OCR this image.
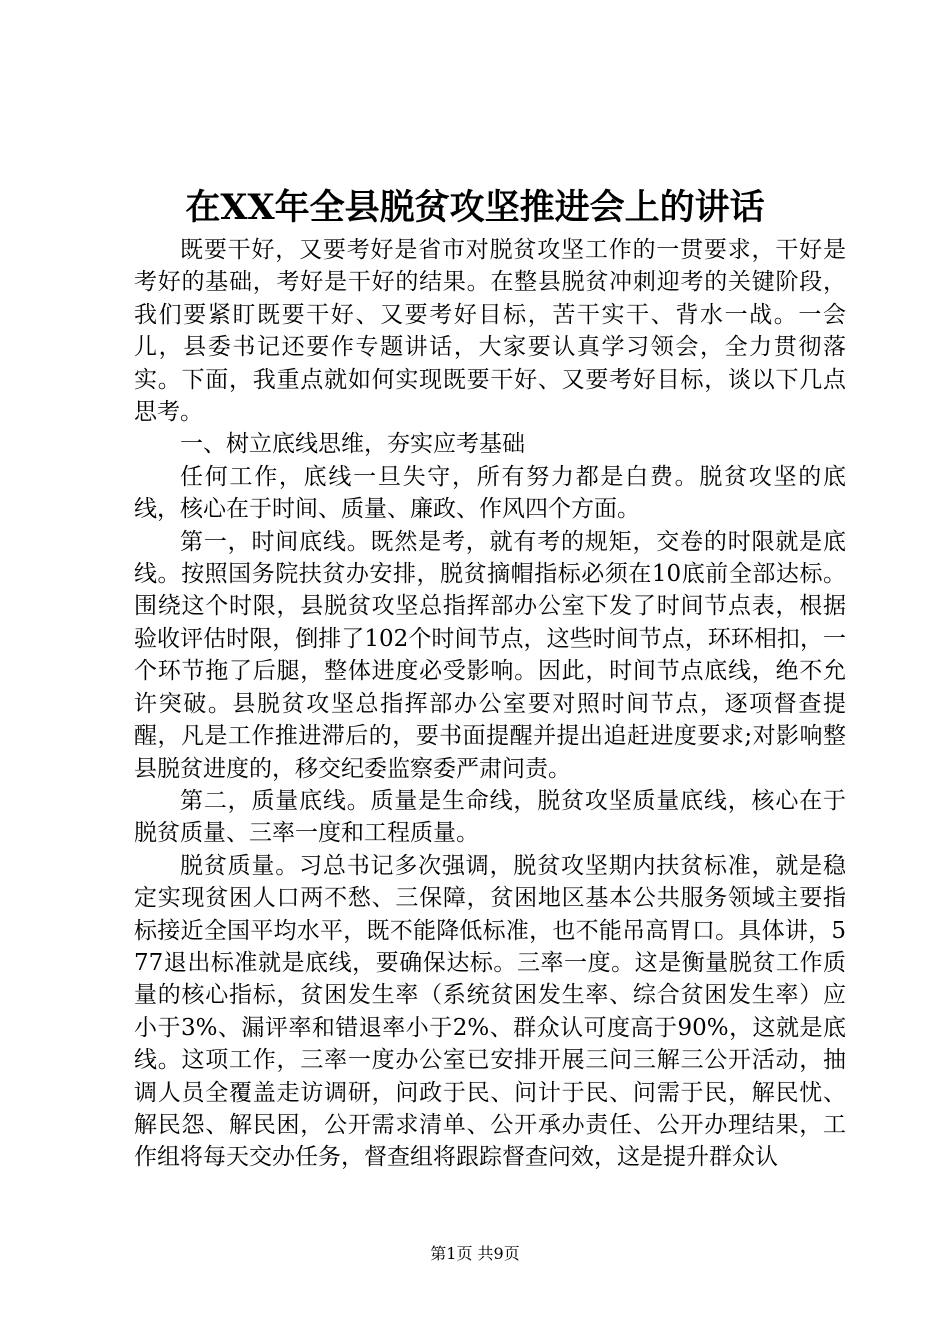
在XX年全县脱贫攻坚推进会上的讲话

既要干好，又要考好是省市对脱贫攻坚工作的一贯要求，干好是考好的基础，考好是干好的结果。在整县脱贫冲刺迎考的关键阶段，我们要紧盯既要干好、又要考好目标，苦干实干、背水一战。一会儿，县委书记还要作专题讲话，大家要认真学习领会，全力贯彻落实。下面，我重点就如何实现既要干好、又要考好目标，谈以下几点思考。

一、树立底线思维，夯实应考基础

任何工作，底线一旦失守，所有努力都是白费。脱贫攻坚的底线，核心在于时间、质量、廉政、作风四个方面。

第一，时间底线。既然是考，就有考的规矩，交卷的时限就是底线。按照国务院扶贫办安排，脱贫摘帽指标必须在10底前全部达标。围绕这个时限，县脱贫攻坚总指挥部办公室下发了时间节点表，根据验收评估时限，倒排了102个时间节点，这些时间节点，环环相扣，一个环节拖了后腿，整体进度必受影响。因此，时间节点底线，绝不允许突破。县脱贫攻坚总指挥部办公室要对照时间节点，逐项督查提醒，凡是工作推进滞后的，要书面提醒并提出追赶进度要求;对影响整县脱贫进度的，移交纪委监察委严肃问责。

第二，质量底线。质量是生命线，脱贫攻坚质量底线，核心在于脱贫质量、三率一度和工程质量。

脱贫质量。习总书记多次强调，脱贫攻坚期内扶贫标准，就是稳定实现贫困人口两不愁、三保障，贫困地区基本公共服务领域主要指标接近全国平均水平，既不能降低标准，也不能吊高胃口。具体讲，577退出标准就是底线，要确保达标。三率一度。这是衡量脱贫工作质量的核心指标，贫困发生率（系统贫困发生率、综合贫困发生率）应小于3%、漏评率和错退率小于2%、群众认可度高于90%，这就是底线。这项工作，三率一度办公室已安排开展三问三解三公开活动，抽调人员全覆盖走访调研，问政于民、问计于民、问需于民，解民忧、解民怨、解民困，公开需求清单、公开承办责任、公开办理结果，工作组将每天交办任务，督查组将跟踪督查问效，这是提升群众认

第1页 共9页
